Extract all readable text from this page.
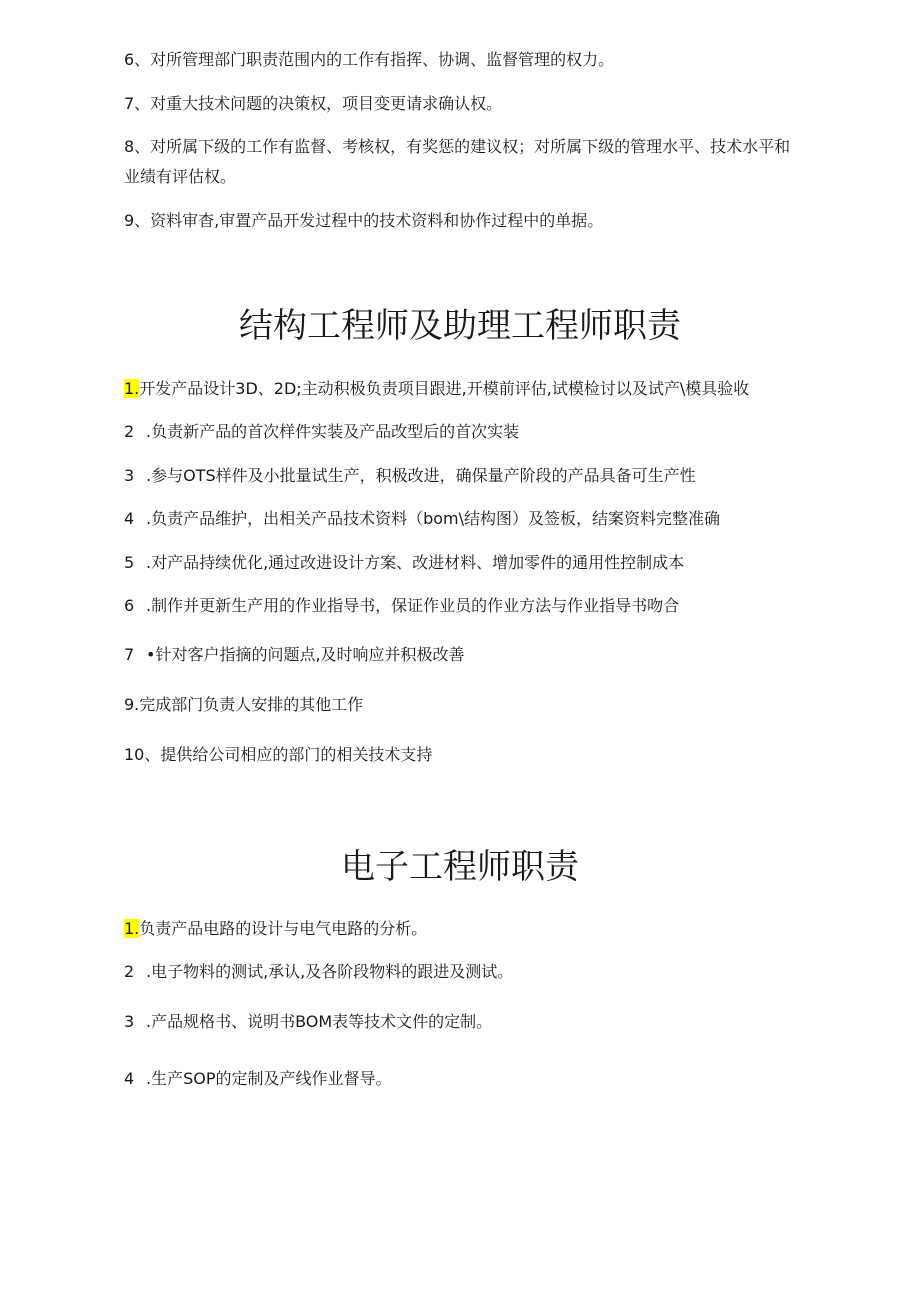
6、对所管理部门职责范围内的工作有指挥、协调、监督管理的权力。
7、对重大技术问题的决策权，项目变更请求确认权。
8、对所属下级的工作有监督、考核权，有奖惩的建议权；对所属下级的管理水平、技术水平和业绩有评估权。
9、资料审杳,审置产品开发过程中的技术资料和协作过程中的单据。
结构工程师及助理工程师职责
1.开发产品设计3D、2D;主动积极负责项目跟进,开模前评估,试模检讨以及试产\模具验收
2 .负责新产品的首次样件实装及产品改型后的首次实装
3 .参与OTS样件及小批量试生产，积极改进，确保量产阶段的产品具备可生产性
4 .负责产品维护，出相关产品技术资料（bom\结构图）及签板，结案资料完整准确
5 .对产品持续优化,通过改进设计方案、改进材料、增加零件的通用性控制成本
6 .制作并更新生产用的作业指导书，保证作业员的作业方法与作业指导书吻合
7 •针对客户指摘的问题点,及时响应并积极改善
9.完成部门负责人安排的其他工作
10、提供给公司相应的部门的相关技术支持
电子工程师职责
1.负责产品电路的设计与电气电路的分析。
2 .电子物料的测试,承认,及各阶段物料的跟进及测试。
3 .产品规格书、说明书BOM表等技术文件的定制。
4 .生产SOP的定制及产线作业督导。
